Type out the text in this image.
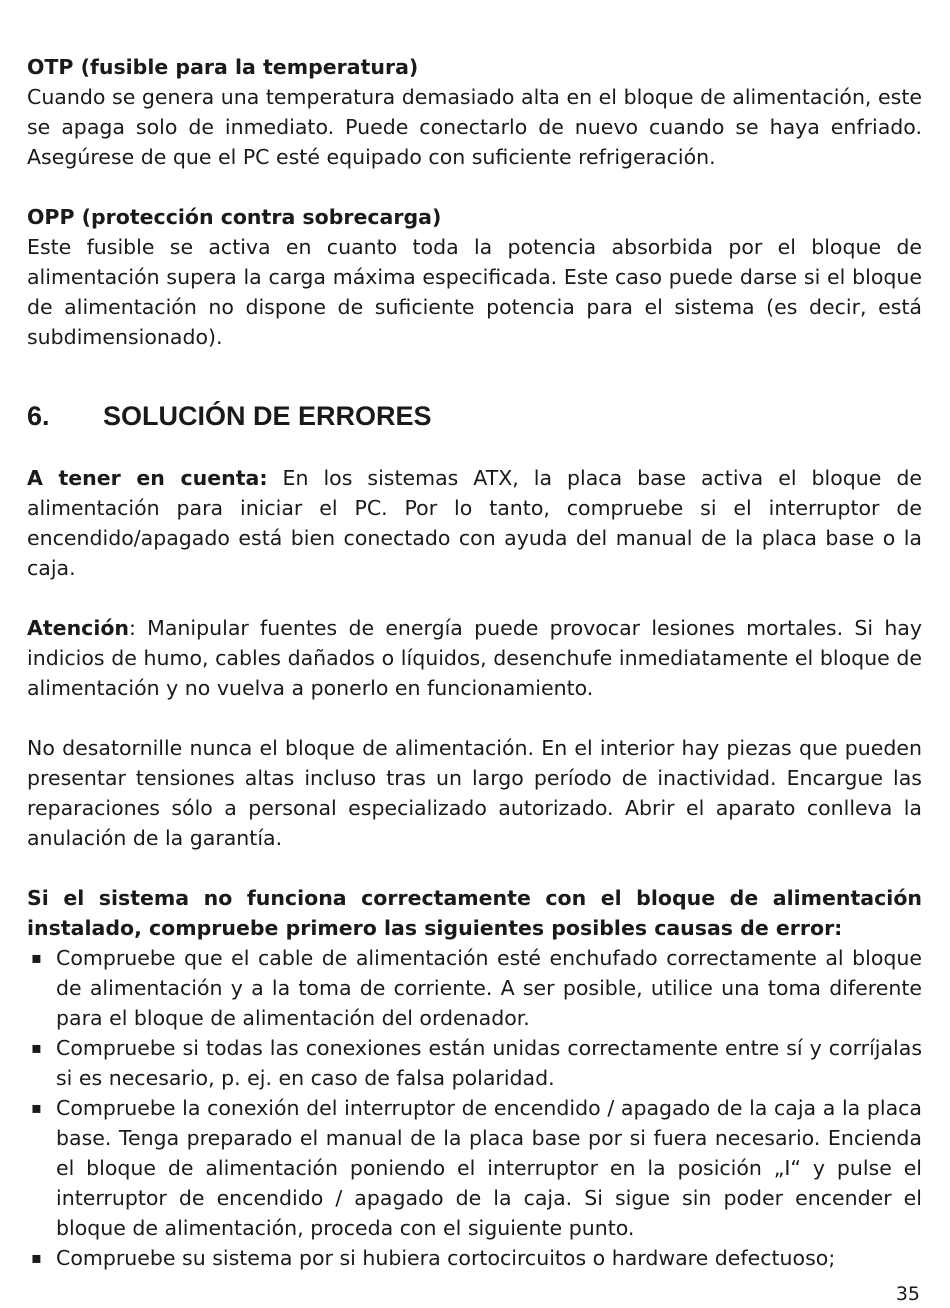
OTP (fusible para la temperatura)

Cuando se genera una temperatura demasiado alta en el bloque de alimentación, este se apaga solo de inmediato. Puede conectarlo de nuevo cuando se haya enfriado. Asegúrese de que el PC esté equipado con suficiente refrigeración.

OPP (protección contra sobrecarga)

Este fusible se activa en cuanto toda la potencia absorbida por el bloque de alimentación supera la carga máxima especificada. Este caso puede darse si el bloque de alimentación no dispone de suficiente potencia para el sistema (es decir, está subdimensionado).

6.	SOLUCIÓN DE ERRORES

A tener en cuenta: En los sistemas ATX, la placa base activa el bloque de alimentación para iniciar el PC. Por lo tanto, compruebe si el interruptor de encendido/apagado está bien conectado con ayuda del manual de la placa base o la caja.

Atención: Manipular fuentes de energía puede provocar lesiones mortales. Si hay indicios de humo, cables dañados o líquidos, desenchufe inmediatamente el bloque de alimentación y no vuelva a ponerlo en funcionamiento.

No desatornille nunca el bloque de alimentación. En el interior hay piezas que pueden presentar tensiones altas incluso tras un largo período de inactividad. Encargue las reparaciones sólo a personal especializado autorizado. Abrir el aparato conlleva la anulación de la garantía.

Si el sistema no funciona correctamente con el bloque de alimentación instalado, compruebe primero las siguientes posibles causas de error:

▪ Compruebe que el cable de alimentación esté enchufado correctamente al bloque de alimentación y a la toma de corriente. A ser posible, utilice una toma diferente para el bloque de alimentación del ordenador.
▪ Compruebe si todas las conexiones están unidas correctamente entre sí y corríjalas si es necesario, p. ej. en caso de falsa polaridad.
▪ Compruebe la conexión del interruptor de encendido / apagado de la caja a la placa base. Tenga preparado el manual de la placa base por si fuera necesario. Encienda el bloque de alimentación poniendo el interruptor en la posición „I“ y pulse el interruptor de encendido / apagado de la caja. Si sigue sin poder encender el bloque de alimentación, proceda con el siguiente punto.
▪ Compruebe su sistema por si hubiera cortocircuitos o hardware defectuoso;
35
